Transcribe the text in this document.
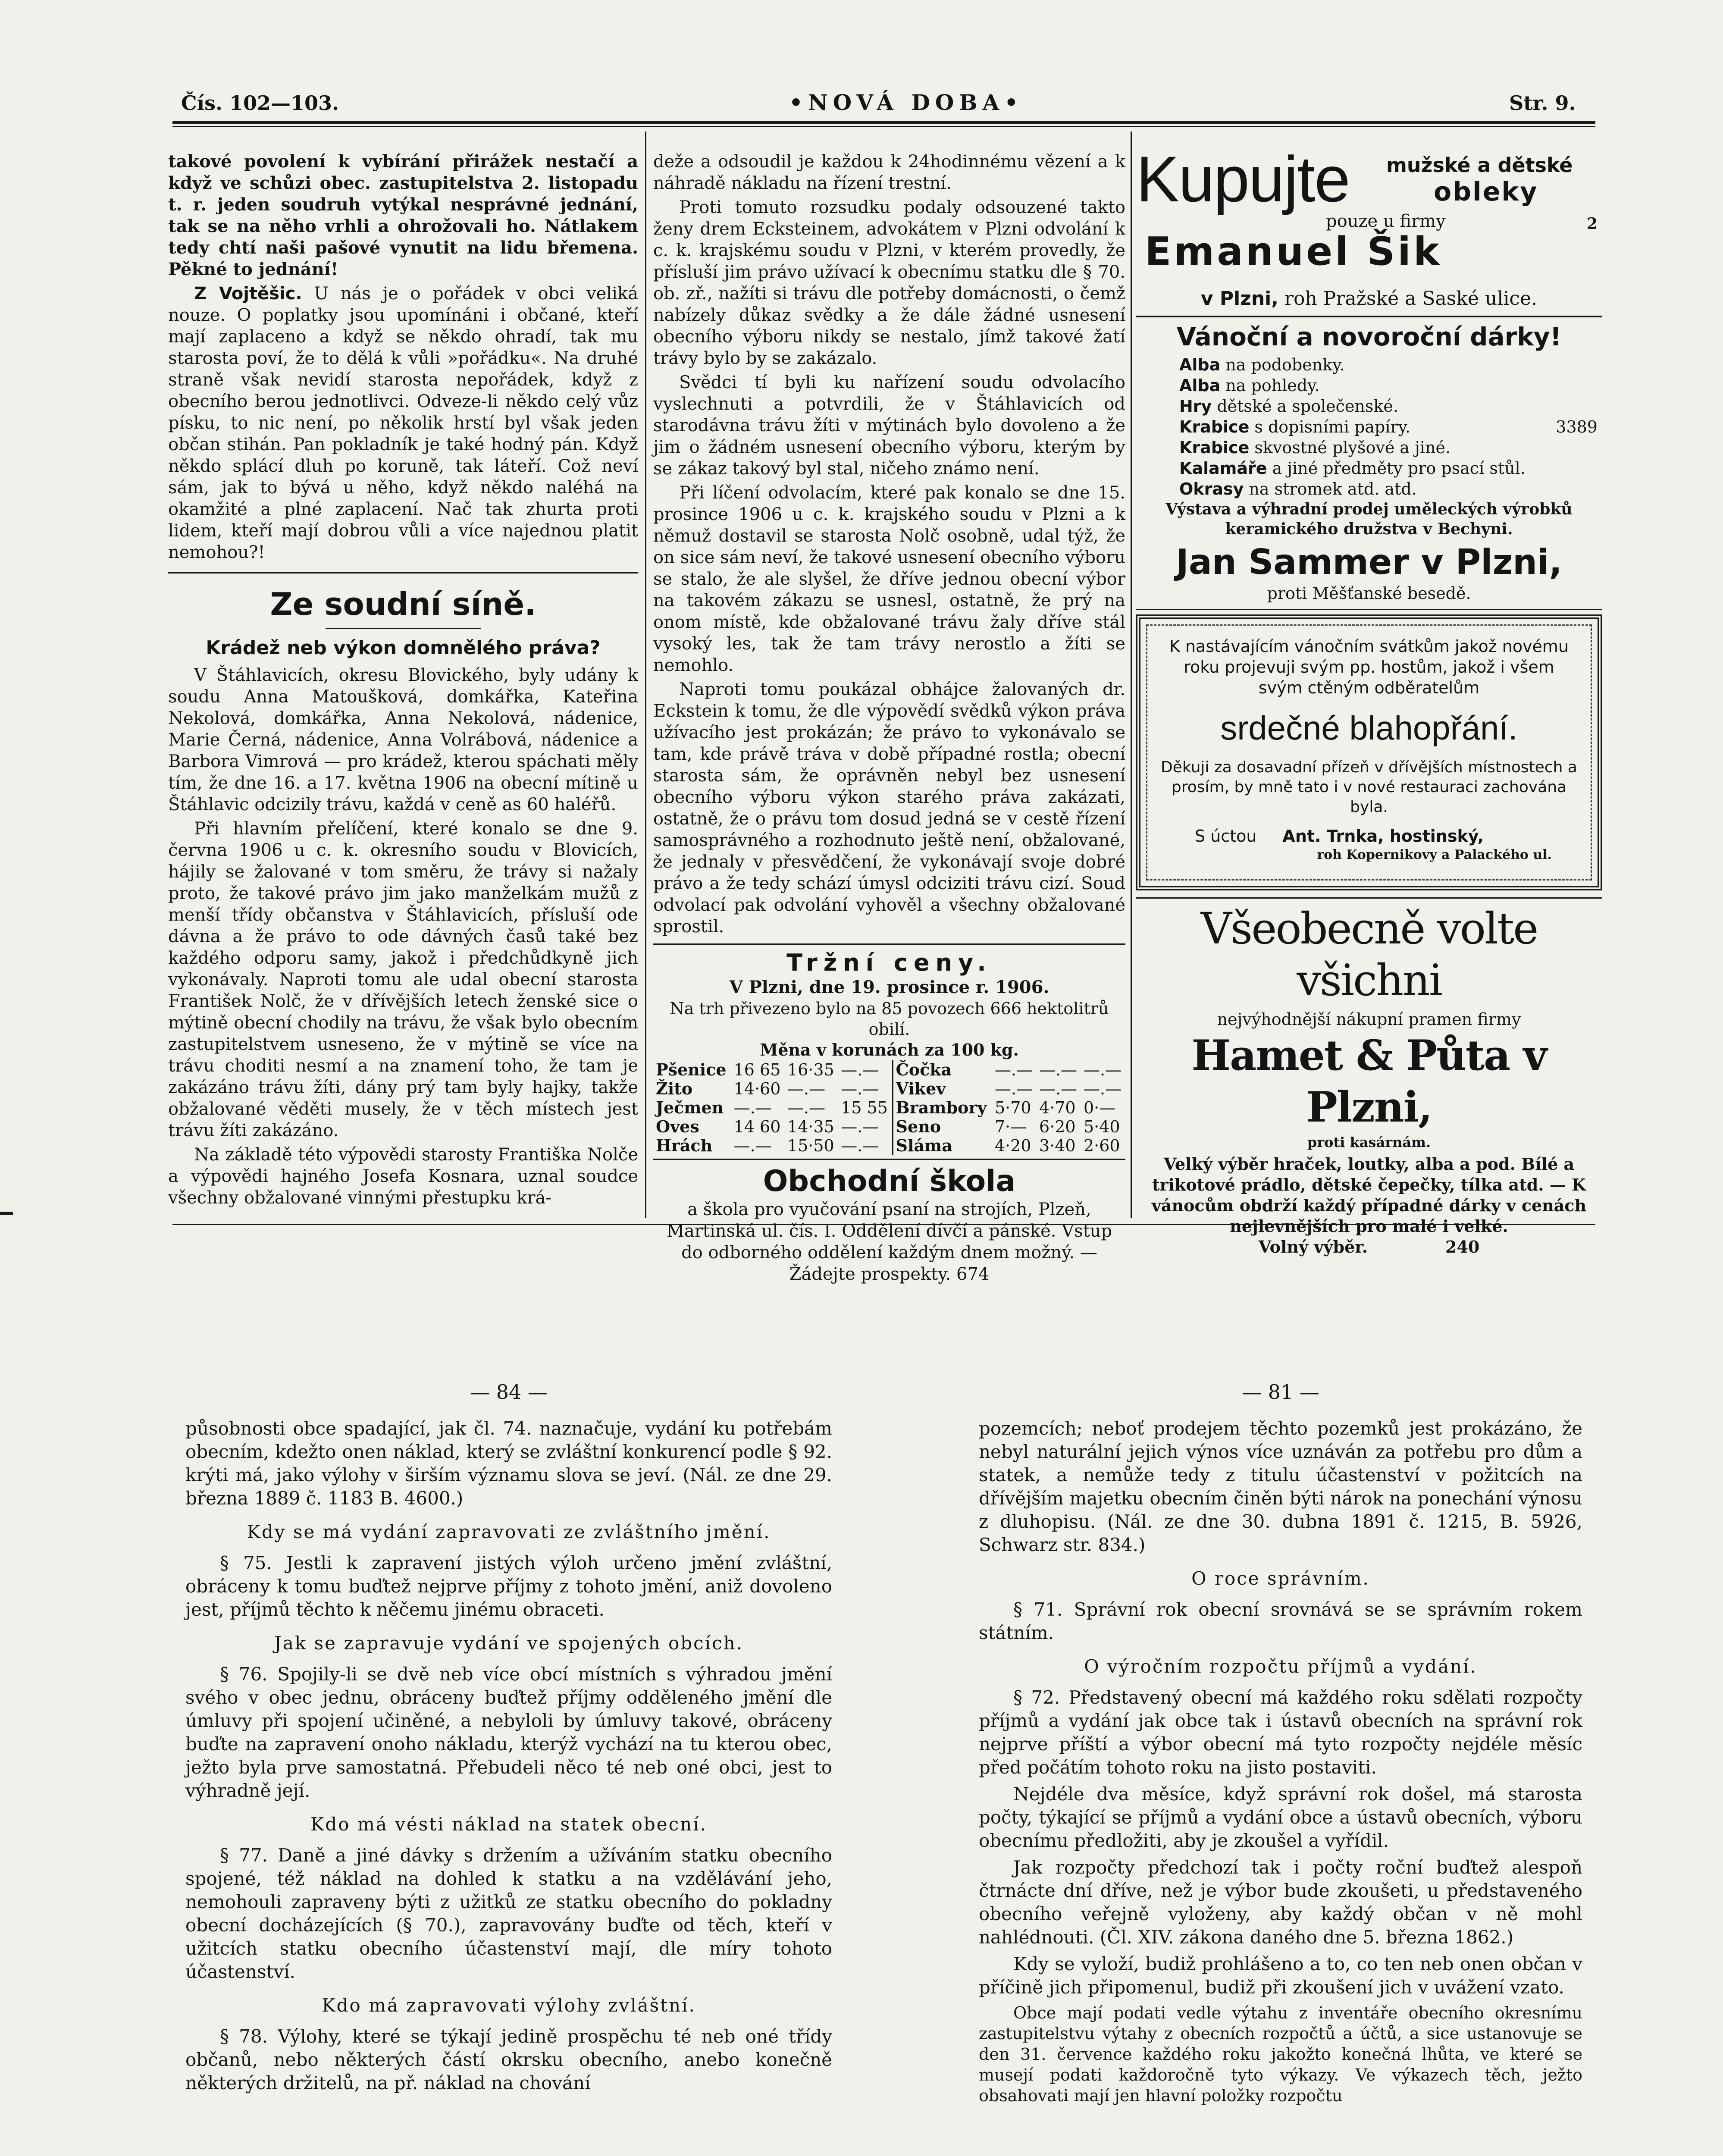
Čís. 102—103.	•NOVÁ DOBA•	Str. 9.

takové povolení k vybírání přirážek nestačí a když ve schůzi obec. zastupitelstva 2. listopadu t. r. jeden soudruh vytýkal nesprávné jednání, tak se na něho vrhli a ohrožovali ho. Nátlakem tedy chtí naši pašové vynutit na lidu břemena. Pěkné to jednání!

Z Vojtěšic. U nás je o pořádek v obci veliká nouze. O poplatky jsou upomínáni i občané, kteří mají zaplaceno a když se někdo ohradí, tak mu starosta poví, že to dělá k vůli »pořádku«. Na druhé straně však nevidí starosta nepořádek, když z obecního berou jednotlivci. Odveze-li někdo celý vůz písku, to nic není, po několik hrstí byl však jeden občan stihán. Pan pokladník je také hodný pán. Když někdo splácí dluh po koruně, tak láteří. Což neví sám, jak to bývá u něho, když někdo naléhá na okamžité a plné zaplacení. Nač tak zhurta proti lidem, kteří mají dobrou vůli a více najednou platit nemohou?!

Ze soudní síně.
Krádež neb výkon domnělého práva?

V Štáhlavicích, okresu Blovického, byly udány k soudu Anna Matoušková, domkářka, Kateřina Nekolová, domkářka, Anna Nekolová, nádenice, Marie Černá, nádenice, Anna Volrábová, nádenice a Barbora Vimrová — pro krádež, kterou spáchati měly tím, že dne 16. a 17. května 1906 na obecní mítině u Štáhlavic odcizily trávu, každá v ceně as 60 haléřů.

Při hlavním přelíčení, které konalo se dne 9. června 1906 u c. k. okresního soudu v Blovicích, hájily se žalované v tom směru, že trávy si nažaly proto, že takové právo jim jako manželkám mužů z menší třídy občanstva v Štáhlavicích, přísluší ode dávna a že právo to ode dávných časů také bez každého odporu samy, jakož i předchůdkyně jich vykonávaly. Naproti tomu ale udal obecní starosta František Nolč, že v dřívějších letech ženské sice o mýtině obecní chodily na trávu, že však bylo obecním zastupitelstvem usneseno, že v mýtině se více na trávu choditi nesmí a na znamení toho, že tam je zakázáno trávu žíti, dány prý tam byly hajky, takže obžalované věděti musely, že v těch místech jest trávu žíti zakázáno.

Na základě této výpovědi starosty Františka Nolče a výpovědi hajného Josefa Kosnara, uznal soudce všechny obžalované vinnými přestupku krá-

deže a odsoudil je každou k 24hodinnému vězení a k náhradě nákladu na řízení trestní.

Proti tomuto rozsudku podaly odsouzené takto ženy drem Ecksteinem, advokátem v Plzni odvolání k c. k. krajskému soudu v Plzni, v kterém provedly, že přísluší jim právo užívací k obecnímu statku dle § 70. ob. zř., nažíti si trávu dle potřeby domácnosti, o čemž nabízely důkaz svědky a že dále žádné usnesení obecního výboru nikdy se nestalo, jímž takové žatí trávy bylo by se zakázalo.

Svědci tí byli ku nařízení soudu odvolacího vyslechnuti a potvrdili, že v Štáhlavicích od starodávna trávu žíti v mýtinách bylo dovoleno a že jim o žádném usnesení obecního výboru, kterým by se zákaz takový byl stal, ničeho známo není.

Při líčení odvolacím, které pak konalo se dne 15. prosince 1906 u c. k. krajského soudu v Plzni a k němuž dostavil se starosta Nolč osobně, udal týž, že on sice sám neví, že takové usnesení obecního výboru se stalo, že ale slyšel, že dříve jednou obecní výbor na takovém zákazu se usnesl, ostatně, že prý na onom místě, kde obžalované trávu žaly dříve stál vysoký les, tak že tam trávy nerostlo a žíti se nemohlo.

Naproti tomu poukázal obhájce žalovaných dr. Eckstein k tomu, že dle výpovědí svědků výkon práva užívacího jest prokázán; že právo to vykonávalo se tam, kde právě tráva v době případné rostla; obecní starosta sám, že oprávněn nebyl bez usnesení obecního výboru výkon starého práva zakázati, ostatně, že o právu tom dosud jedná se v cestě řízení samosprávného a rozhodnuto ještě není, obžalované, že jednaly v přesvědčení, že vykonávají svoje dobré právo a že tedy schází úmysl odciziti trávu cizí. Soud odvolací pak odvolání vyhověl a všechny obžalované sprostil.

Tržní ceny.
V Plzni, dne 19. prosince r. 1906.
Na trh přivezeno bylo na 85 povozech 666 hektolitrů obilí.
Měna v korunách za 100 kg.
Pšenice	16 65	16·35	—.—	Čočka	—.—	—.—	—.—
Žito	14·60	—.—	—.—	Vikev	—.—	—.—	—.—
Ječmen	—.—	—.—	15 55	Brambory	5·70	4·70	0·—
Oves	14 60	14·35	—.—	Seno	7·—	6·20	5·40
Hrách	—.—	15·50	—.—	Sláma	4·20	3·40	2·60
Obchodní škola

a škola pro vyučování psaní na strojích, Plzeň, Martinská ul. čís. I. Oddělení dívčí a pánské. Vstup do odborného oddělení každým dnem možný. — Žádejte prospekty. 674

Kupujte mužské a dětské
obleky
pouze u firmy	2
Emanuel Šik
v Plzni, roh Pražské a Saské ulice.
Vánoční a novoroční dárky!
Alba na podobenky.
Alba na pohledy.
Hry dětské a společenské.
Krabice s dopisními papíry.	3389
Krabice skvostné plyšové a jiné.
Kalamáře a jiné předměty pro psací stůl.
Okrasy na stromek atd. atd.
Výstava a výhradní prodej uměleckých výrobků keramického družstva v Bechyni.
Jan Sammer v Plzni,
proti Měšťanské besedě.
K nastávajícím vánočním svátkům jakož novému roku projevuji svým pp. hostům, jakož i všem svým ctěným odběratelům
srdečné blahopřání.
Děkuji za dosavadní přízeň v dřívějších místnostech a prosím, by mně tato i v nové restauraci zachována byla.
S úctou Ant. Trnka, hostinský,
roh Kopernikovy a Palackého ul.
Všeobecně volte všichni
nejvýhodnější nákupní pramen firmy
Hamet & Půta v Plzni,
proti kasárnám.
Velký výběr hraček, loutky, alba a pod. Bílé a trikotové prádlo, dětské čepečky, tílka atd. — K vánocům obdrží každý případné dárky v cenách nejlevnějších pro malé i velké.
Volný výběr.	240
— 84 —

působnosti obce spadající, jak čl. 74. naznačuje, vydání ku potřebám obecním, kdežto onen náklad, který se zvláštní konkurencí podle § 92. krýti má, jako výlohy v širším významu slova se jeví. (Nál. ze dne 29. března 1889 č. 1183 B. 4600.)

Kdy se má vydání zapravovati ze zvláštního jmění.

§ 75. Jestli k zapravení jistých výloh určeno jmění zvláštní, obráceny k tomu buďtež nejprve příjmy z tohoto jmění, aniž dovoleno jest, příjmů těchto k něčemu jinému obraceti.

Jak se zapravuje vydání ve spojených obcích.

§ 76. Spojily-li se dvě neb více obcí místních s výhradou jmění svého v obec jednu, obráceny buďtež příjmy odděleného jmění dle úmluvy při spojení učiněné, a nebyloli by úmluvy takové, obráceny buďte na zapravení onoho nákladu, kterýž vychází na tu kterou obec, ježto byla prve samostatná. Přebudeli něco té neb oné obci, jest to výhradně její.

Kdo má vésti náklad na statek obecní.

§ 77. Daně a jiné dávky s držením a užíváním statku obecního spojené, též náklad na dohled k statku a na vzdělávání jeho, nemohouli zapraveny býti z užitků ze statku obecního do pokladny obecní docházejících (§ 70.), zapravovány buďte od těch, kteří v užitcích statku obecního účastenství mají, dle míry tohoto účastenství.

Kdo má zapravovati výlohy zvláštní.

§ 78. Výlohy, které se týkají jedině prospěchu té neb oné třídy občanů, nebo některých částí okrsku obecního, anebo konečně některých držitelů, na př. náklad na chování

— 81 —

pozemcích; neboť prodejem těchto pozemků jest prokázáno, že nebyl naturální jejich výnos více uznáván za potřebu pro dům a statek, a nemůže tedy z titulu účastenství v požitcích na dřívějším majetku obecním činěn býti nárok na ponechání výnosu z dluhopisu. (Nál. ze dne 30. dubna 1891 č. 1215, B. 5926, Schwarz str. 834.)

O roce správním.

§ 71. Správní rok obecní srovnává se se správním rokem státním.

O výročním rozpočtu příjmů a vydání.

§ 72. Představený obecní má každého roku sdělati rozpočty příjmů a vydání jak obce tak i ústavů obecních na správní rok nejprve příští a výbor obecní má tyto rozpočty nejdéle měsíc před počátím tohoto roku na jisto postaviti.

Nejdéle dva měsíce, když správní rok došel, má starosta počty, týkající se příjmů a vydání obce a ústavů obecních, výboru obecnímu předložiti, aby je zkoušel a vyřídil.

Jak rozpočty předchozí tak i počty roční buďtež alespoň čtrnácte dní dříve, než je výbor bude zkoušeti, u představeného obecního veřejně vyloženy, aby každý občan v ně mohl nahlédnouti. (Čl. XIV. zákona daného dne 5. března 1862.)

Kdy se vyloží, budiž prohlášeno a to, co ten neb onen občan v příčině jich připomenul, budiž při zkoušení jich v uvážení vzato.

Obce mají podati vedle výtahu z inventáře obecního okresnímu zastupitelstvu výtahy z obecních rozpočtů a účtů, a sice ustanovuje se den 31. července každého roku jakožto konečná lhůta, ve které se musejí podati každoročně tyto výkazy. Ve výkazech těch, ježto obsahovati mají jen hlavní položky rozpočtu
